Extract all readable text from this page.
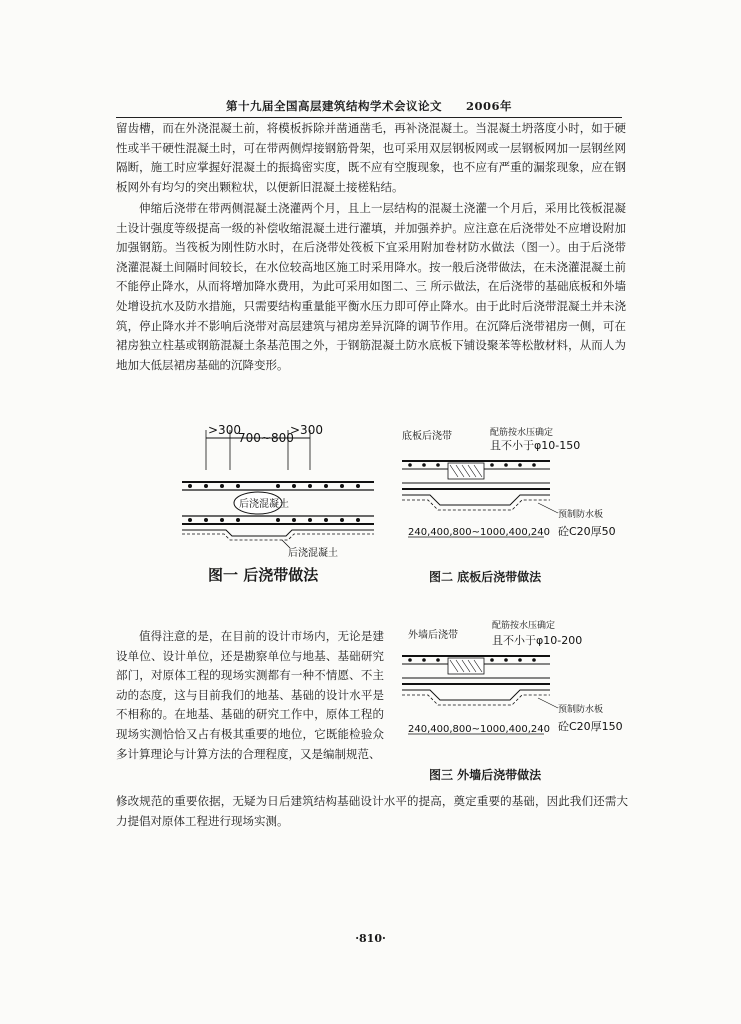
第十九届全国高层建筑结构学术会议论文　　2006年

留齿槽，而在外浇混凝土前，将模板拆除并凿通凿毛，再补浇混凝土。当混凝土坍落度小时，如于硬性或半干硬性混凝土时，可在带两侧焊接钢筋骨架，也可采用双层钢板网或一层钢板网加一层钢丝网隔断，施工时应掌握好混凝土的振捣密实度，既不应有空腹现象，也不应有严重的漏浆现象，应在钢板网外有均匀的突出颗粒状，以便新旧混凝土接槎粘结。

伸缩后浇带在带两侧混凝土浇灌两个月，且上一层结构的混凝土浇灌一个月后，采用比筏板混凝土设计强度等级提高一级的补偿收缩混凝土进行灌填，并加强养护。应注意在后浇带处不应增设附加加强钢筋。当筏板为刚性防水时，在后浇带处筏板下宜采用附加卷材防水做法（图一）。由于后浇带浇灌混凝土间隔时间较长，在水位较高地区施工时采用降水。按一般后浇带做法，在未浇灌混凝土前不能停止降水，从而将增加降水费用，为此可采用如图二、三 所示做法，在后浇带的基础底板和外墙处增设抗水及防水措施，只需要结构重量能平衡水压力即可停止降水。由于此时后浇带混凝土并未浇筑，停止降水并不影响后浇带对高层建筑与裙房差异沉降的调节作用。在沉降后浇带裙房一侧，可在裙房独立柱基或钢筋混凝土条基范围之外，于钢筋混凝土防水底板下铺设聚苯等松散材料，从而人为地加大低层裙房基础的沉降变形。

>300
700~800
>300
后浇混凝土
后浇混凝土
图一 后浇带做法
底板后浇带	配筋按水压确定
且不小于φ10-150
预制防水板
砼C20厚50
240,400,800~1000,400,240
图二 底板后浇带做法
外墙后浇带
配筋按水压确定
且不小于φ10-200
预制防水板
砼C20厚150
240,400,800~1000,400,240
图三 外墙后浇带做法

值得注意的是，在目前的设计市场内，无论是建设单位、设计单位，还是勘察单位与地基、基础研究部门，对原体工程的现场实测都有一种不情愿、不主动的态度，这与目前我们的地基、基础的设计水平是不相称的。在地基、基础的研究工作中，原体工程的现场实测恰恰又占有极其重要的地位，它既能检验众多计算理论与计算方法的合理程度，又是编制规范、

修改规范的重要依据，无疑为日后建筑结构基础设计水平的提高，奠定重要的基础，因此我们还需大力提倡对原体工程进行现场实测。

·810·
